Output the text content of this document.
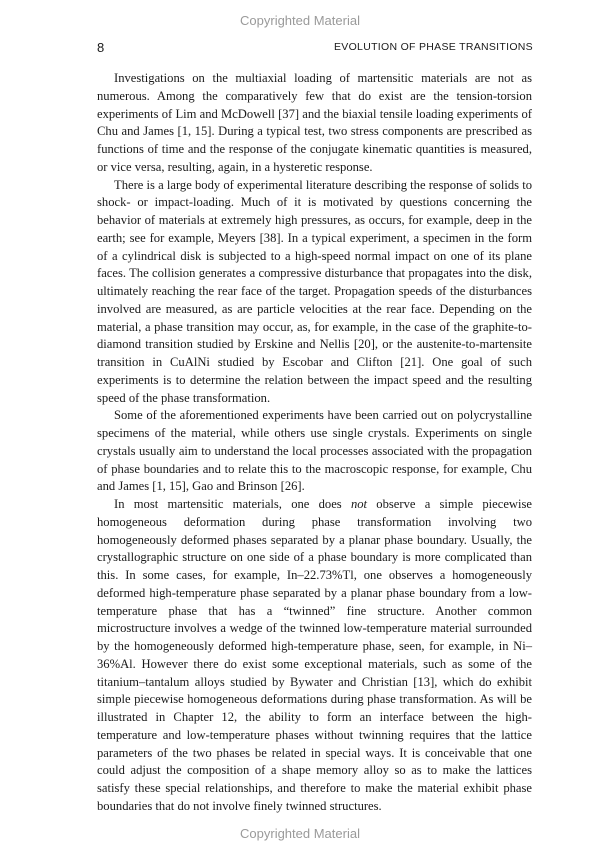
Copyrighted Material
8	EVOLUTION OF PHASE TRANSITIONS

Investigations on the multiaxial loading of martensitic materials are not as numerous. Among the comparatively few that do exist are the tension-torsion experiments of Lim and McDowell [37] and the biaxial tensile loading experiments of Chu and James [1, 15]. During a typical test, two stress components are prescribed as functions of time and the response of the conjugate kinematic quantities is measured, or vice versa, resulting, again, in a hysteretic response.

There is a large body of experimental literature describing the response of solids to shock- or impact-loading. Much of it is motivated by questions concerning the behavior of materials at extremely high pressures, as occurs, for example, deep in the earth; see for example, Meyers [38]. In a typical experiment, a specimen in the form of a cylindrical disk is subjected to a high-speed normal impact on one of its plane faces. The collision generates a compressive disturbance that propagates into the disk, ultimately reaching the rear face of the target. Propagation speeds of the disturbances involved are measured, as are particle velocities at the rear face. Depending on the material, a phase transition may occur, as, for example, in the case of the graphite-to-diamond transition studied by Erskine and Nellis [20], or the austenite-to-martensite transition in CuAlNi studied by Escobar and Clifton [21]. One goal of such experiments is to determine the relation between the impact speed and the resulting speed of the phase transformation.

Some of the aforementioned experiments have been carried out on polycrystalline specimens of the material, while others use single crystals. Experiments on single crystals usually aim to understand the local processes associated with the propagation of phase boundaries and to relate this to the macroscopic response, for example, Chu and James [1, 15], Gao and Brinson [26].

In most martensitic materials, one does not observe a simple piecewise homogeneous deformation during phase transformation involving two homogeneously deformed phases separated by a planar phase boundary. Usually, the crystallographic structure on one side of a phase boundary is more complicated than this. In some cases, for example, In–22.73%Tl, one observes a homogeneously deformed high-temperature phase separated by a planar phase boundary from a low-temperature phase that has a “twinned” fine structure. Another common microstructure involves a wedge of the twinned low-temperature material surrounded by the homogeneously deformed high-temperature phase, seen, for example, in Ni–36%Al. However there do exist some exceptional materials, such as some of the titanium–tantalum alloys studied by Bywater and Christian [13], which do exhibit simple piecewise homogeneous deformations during phase transformation. As will be illustrated in Chapter 12, the ability to form an interface between the high-temperature and low-temperature phases without twinning requires that the lattice parameters of the two phases be related in special ways. It is conceivable that one could adjust the composition of a shape memory alloy so as to make the lattices satisfy these special relationships, and therefore to make the material exhibit phase boundaries that do not involve finely twinned structures.

Copyrighted Material
